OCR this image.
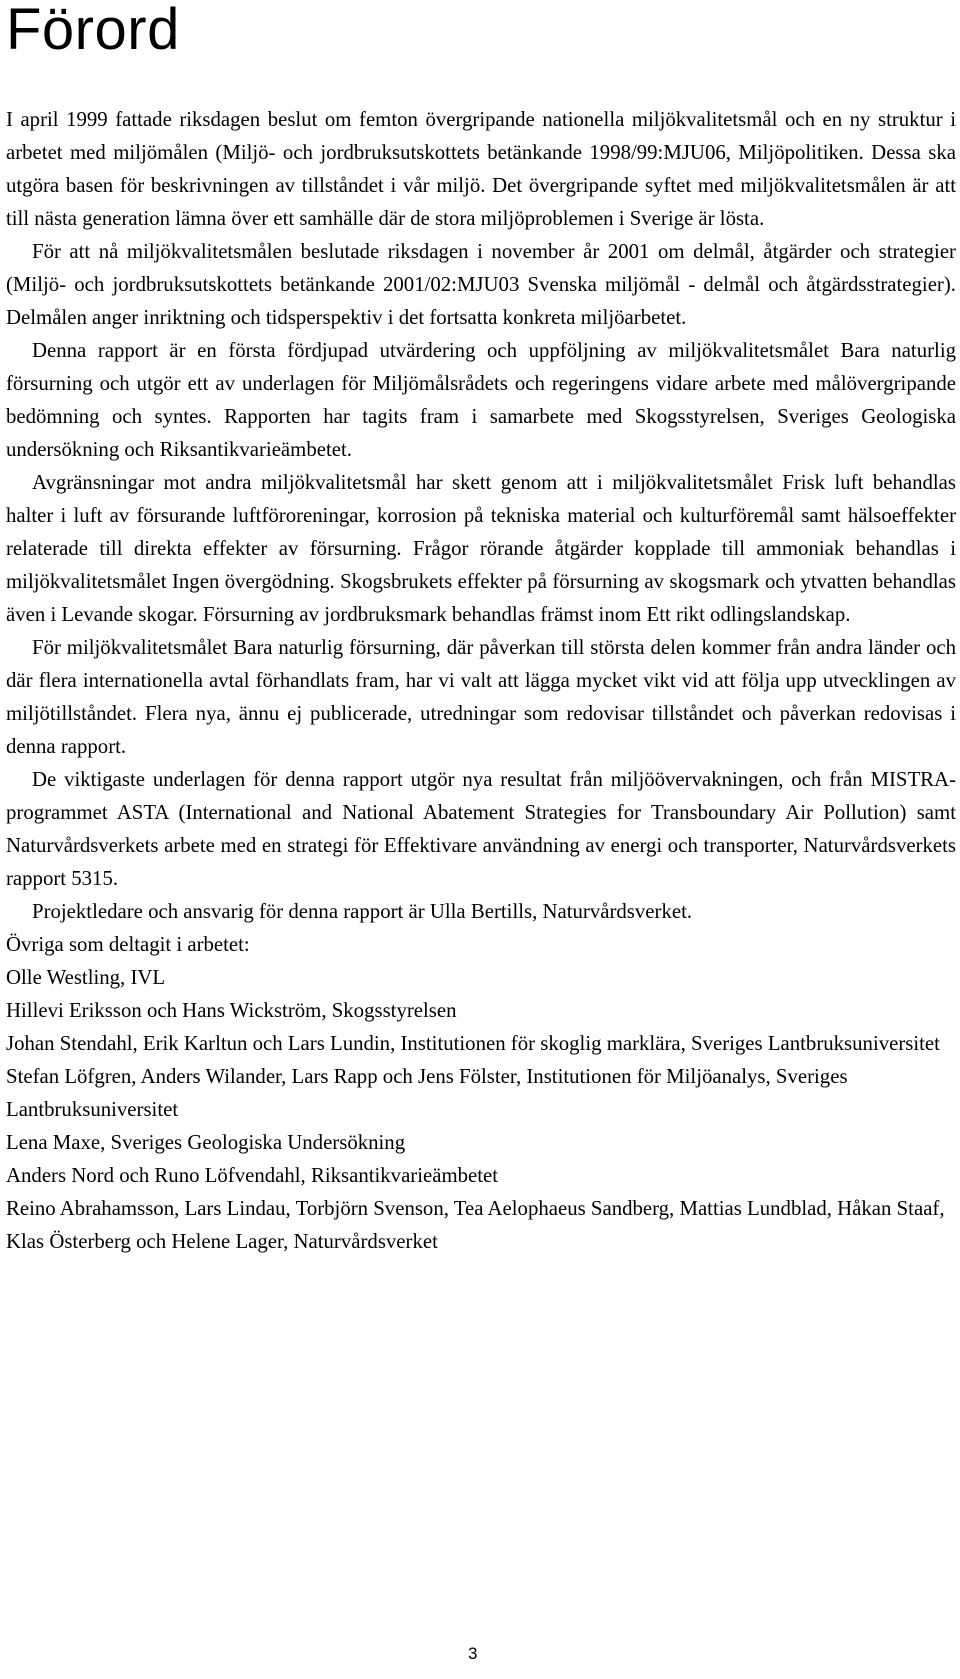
Förord

I april 1999 fattade riksdagen beslut om femton övergripande nationella miljökvalitetsmål och en ny struktur i arbetet med miljömålen (Miljö- och jordbruksutskottets betänkande 1998/99:MJU06, Miljöpolitiken. Dessa ska utgöra basen för beskrivningen av tillståndet i vår miljö. Det övergripande syftet med miljökvalitetsmålen är att till nästa generation lämna över ett samhälle där de stora miljöproblemen i Sverige är lösta.

För att nå miljökvalitetsmålen beslutade riksdagen i november år 2001 om delmål, åtgärder och strategier (Miljö- och jordbruksutskottets betänkande 2001/02:MJU03 Svenska miljömål - delmål och åtgärdsstrategier). Delmålen anger inriktning och tidsperspektiv i det fortsatta konkreta miljöarbetet.

Denna rapport är en första fördjupad utvärdering och uppföljning av miljökvalitetsmålet Bara naturlig försurning och utgör ett av underlagen för Miljömålsrådets och regeringens vidare arbete med målövergripande bedömning och syntes. Rapporten har tagits fram i samarbete med Skogsstyrelsen, Sveriges Geologiska undersökning och Riksantikvarieämbetet.

Avgränsningar mot andra miljökvalitetsmål har skett genom att i miljökvalitetsmålet Frisk luft behandlas halter i luft av försurande luftföroreningar, korrosion på tekniska material och kulturföremål samt hälsoeffekter relaterade till direkta effekter av försurning. Frågor rörande åtgärder kopplade till ammoniak behandlas i miljökvalitetsmålet Ingen övergödning. Skogsbrukets effekter på försurning av skogsmark och ytvatten behandlas även i Levande skogar. Försurning av jordbruksmark behandlas främst inom Ett rikt odlingslandskap.

För miljökvalitetsmålet Bara naturlig försurning, där påverkan till största delen kommer från andra länder och där flera internationella avtal förhandlats fram, har vi valt att lägga mycket vikt vid att följa upp utvecklingen av miljötillståndet. Flera nya, ännu ej publicerade, utredningar som redovisar tillståndet och påverkan redovisas i denna rapport.

De viktigaste underlagen för denna rapport utgör nya resultat från miljöövervakningen, och från MISTRA-programmet ASTA (International and National Abatement Strategies for Transboundary Air Pollution) samt Naturvårdsverkets arbete med en strategi för Effektivare användning av energi och transporter, Naturvårdsverkets rapport 5315.

Projektledare och ansvarig för denna rapport är Ulla Bertills, Naturvårdsverket.

Övriga som deltagit i arbetet:

Olle Westling, IVL
Hillevi Eriksson och Hans Wickström, Skogsstyrelsen
Johan Stendahl, Erik Karltun och Lars Lundin, Institutionen för skoglig marklära, Sveriges Lantbruksuniversitet
Stefan Löfgren, Anders Wilander, Lars Rapp och Jens Fölster, Institutionen för Miljöanalys, Sveriges Lantbruksuniversitet
Lena Maxe, Sveriges Geologiska Undersökning
Anders Nord och Runo Löfvendahl, Riksantikvarieämbetet
Reino Abrahamsson, Lars Lindau, Torbjörn Svenson, Tea Aelophaeus Sandberg, Mattias Lundblad, Håkan Staaf, Klas Österberg och Helene Lager, Naturvårdsverket
3
